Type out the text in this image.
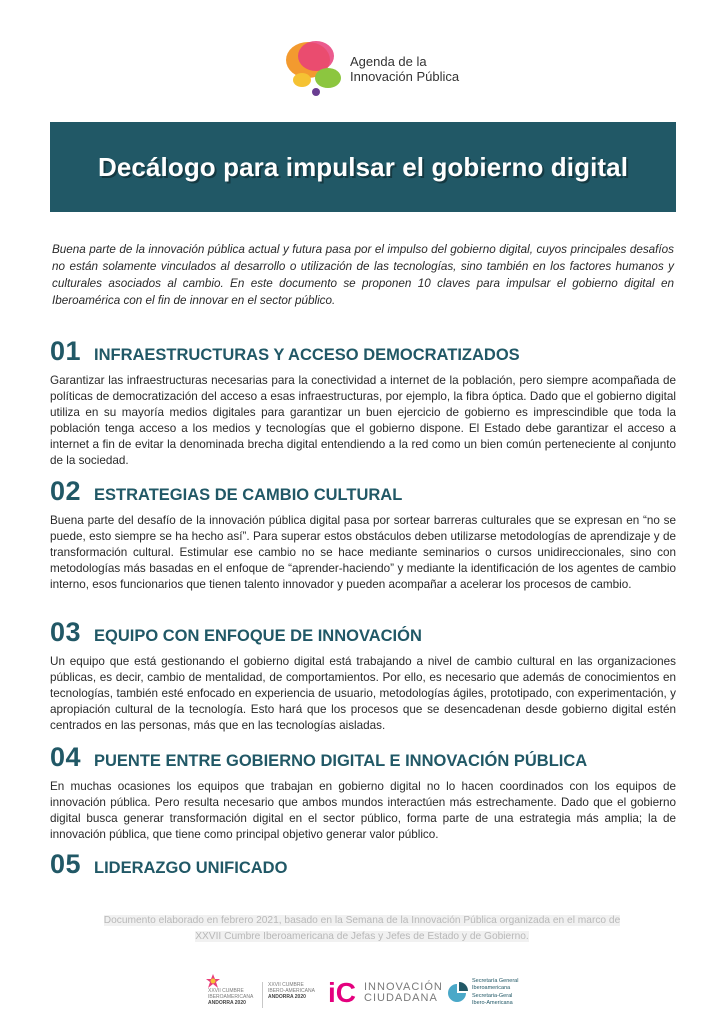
Agenda de la
Innovación Pública
Decálogo para impulsar el gobierno digital
Buena parte de la innovación pública actual y futura pasa por el impulso del gobierno digital, cuyos principales desafíos no están solamente vinculados al desarrollo o utilización de las tecnologías, sino también en los factores humanos y culturales asociados al cambio. En este documento se proponen 10 claves para impulsar el gobierno digital en Iberoamérica con el fin de innovar en el sector público.
01 INFRAESTRUCTURAS Y ACCESO DEMOCRATIZADOS
Garantizar las infraestructuras necesarias para la conectividad a internet de la población, pero siempre acompañada de políticas de democratización del acceso a esas infraestructuras, por ejemplo, la fibra óptica. Dado que el gobierno digital utiliza en su mayoría medios digitales para garantizar un buen ejercicio de gobierno es imprescindible que toda la población tenga acceso a los medios y tecnologías que el gobierno dispone. El Estado debe garantizar el acceso a internet a fin de evitar la denominada brecha digital entendiendo a la red como un bien común perteneciente al conjunto de la sociedad.
02 ESTRATEGIAS DE CAMBIO CULTURAL
Buena parte del desafío de la innovación pública digital pasa por sortear barreras culturales que se expresan en “no se puede, esto siempre se ha hecho así”. Para superar estos obstáculos deben utilizarse metodologías de aprendizaje y de transformación cultural. Estimular ese cambio no se hace mediante seminarios o cursos unidireccionales, sino con metodologías más basadas en el enfoque de “aprender-haciendo” y mediante la identificación de los agentes de cambio interno, esos funcionarios que tienen talento innovador y pueden acompañar a acelerar los procesos de cambio.
03 EQUIPO CON ENFOQUE DE INNOVACIÓN
Un equipo que está gestionando el gobierno digital está trabajando a nivel de cambio cultural en las organizaciones públicas, es decir, cambio de mentalidad, de comportamientos. Por ello, es necesario que además de conocimientos en tecnologías, también esté enfocado en experiencia de usuario, metodologías ágiles, prototipado, con experimentación, y apropiación cultural de la tecnología. Esto hará que los procesos que se desencadenan desde gobierno digital estén centrados en las personas, más que en las tecnologías aisladas.
04 PUENTE ENTRE GOBIERNO DIGITAL E INNOVACIÓN PÚBLICA
En muchas ocasiones los equipos que trabajan en gobierno digital no lo hacen coordinados con los equipos de innovación pública. Pero resulta necesario que ambos mundos interactúen más estrechamente. Dado que el gobierno digital busca generar transformación digital en el sector público, forma parte de una estrategia más amplia; la de innovación pública, que tiene como principal objetivo generar valor público.
05 LIDERAZGO UNIFICADO
Documento elaborado en febrero 2021, basado en la Semana de la Innovación Pública organizada en el marco de
XXVII Cumbre Iberoamericana de Jefas y Jefes de Estado y de Gobierno.
XXVII CUMBRE
IBEROAMERICANA
ANDORRA 2020
XXVII CUMBRE
IBERO-AMERICANA
ANDORRA 2020 iC INNOVACIÓN
CIUDADANA
Secretaría General
Iberoamericana
Secretaria-Geral
Ibero-Americana
